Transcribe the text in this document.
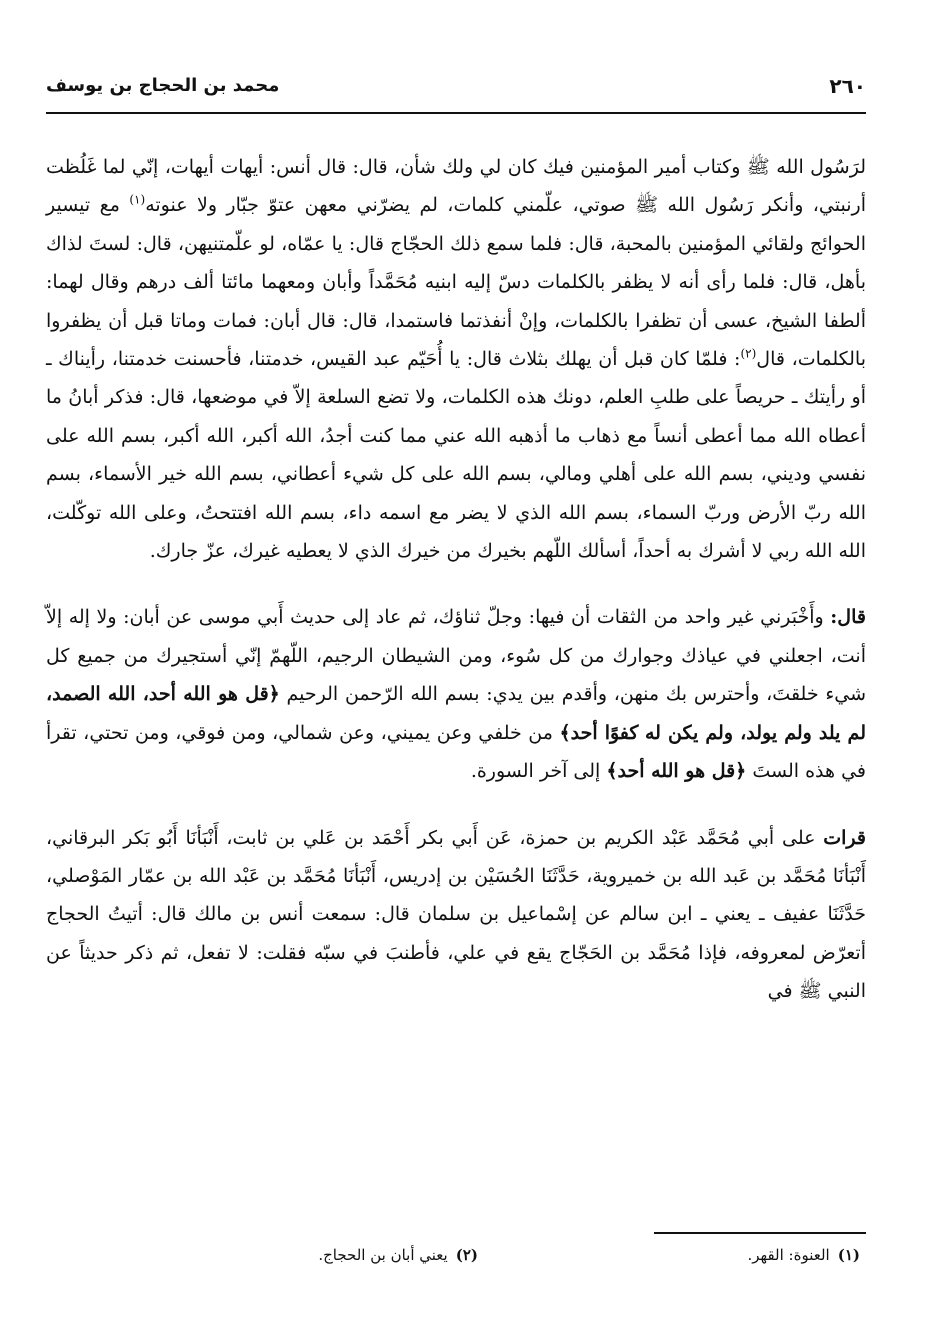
٢٦٠
محمد بن الحجاج بن يوسف

لرَسُول الله ﷺ وكتاب أمير المؤمنين فيك كان لي ولك شأن، قال: قال أنس: أيهات أيهات، إنّي لما غَلُظت أرنبتي، وأنكر رَسُول الله ﷺ صوتي، علّمني كلمات، لم يضرّني معهن عتوّ جبّار ولا عنوته$^{(١)}$ مع تيسير الحوائج ولقائي المؤمنين بالمحبة، قال: فلما سمع ذلك الحجّاج قال: يا عمّاه، لو علّمتنيهن، قال: لستَ لذاك بأهل، قال: فلما رأى أنه لا يظفر بالكلمات دسّ إليه ابنيه مُحَمَّداً وأبان ومعهما مائتا ألف درهم وقال لهما: ألطفا الشيخ، عسى أن تظفرا بالكلمات، وإنْ أنفذتما فاستمدا، قال: قال أبان: فمات وماتا قبل أن يظفروا بالكلمات، قال$^{(٢)}$: فلمّا كان قبل أن يهلك بثلاث قال: يا أُحَيّم عبد القيس، خدمتنا، فأحسنت خدمتنا، رأيناك ـ أو رأيتك ـ حريصاً على طلبِ العلم، دونك هذه الكلمات، ولا تضع السلعة إلاّ في موضعها، قال: فذكر أبانُ ما أعطاه الله مما أعطى أنساً مع ذهاب ما أذهبه الله عني مما كنت أجدُ، الله أكبر، الله أكبر، بسم الله على نفسي وديني، بسم الله على أهلي ومالي، بسم الله على كل شيء أعطاني، بسم الله خير الأسماء، بسم الله ربّ الأرض وربّ السماء، بسم الله الذي لا يضر مع اسمه داء، بسم الله افتتحتُ، وعلى الله توكّلت، الله الله ربي لا أشرك به أحداً، أسألك اللّهم بخيرك من خيرك الذي لا يعطيه غيرك، عزّ جارك.

قال: وأَخْبَرني غير واحد من الثقات أن فيها: وجلّ ثناؤك، ثم عاد إلى حديث أَبي موسى عن أبان: ولا إله إلاّ أنت، اجعلني في عياذك وجوارك من كل سُوء، ومن الشيطان الرجيم، اللّهمّ إنّي أستجيرك من جميع كل شيء خلقتَ، وأحترس بك منهن، وأقدم بين يدي: بسم الله الرّحمن الرحيم ﴿قل هو الله أحد، الله الصمد، لم يلد ولم يولد، ولم يكن له كفوًا أحد﴾ من خلفي وعن يميني، وعن شمالي، ومن فوقي، ومن تحتي، تقرأ في هذه الستَ ﴿قل هو الله أحد﴾ إلى آخر السورة.

قرات على أبي مُحَمَّد عَبْد الكريم بن حمزة، عَن أَبي بكر أَحْمَد بن عَلي بن ثابت، أَنْبَأنَا أَبُو بَكر البرقاني، أَنْبَأنَا مُحَمَّد بن عَبد الله بن خميروية، حَدَّثَنَا الحُسَيْن بن إدريس، أَنْبَأنَا مُحَمَّد بن عَبْد الله بن عمّار المَوْصلي، حَدَّثَنَا عفيف ـ يعني ـ ابن سالم عن إسْماعيل بن سلمان قال: سمعت أنس بن مالك قال: أتيتُ الحجاج أتعرّض لمعروفه، فإذا مُحَمَّد بن الحَجّاج يقع في علي، فأطنبَ في سبّه فقلت: لا تفعل، ثم ذكر حديثاً عن النبي ﷺ في

(١)العنوة: القهر.
(٢)يعني أبان بن الحجاج.
